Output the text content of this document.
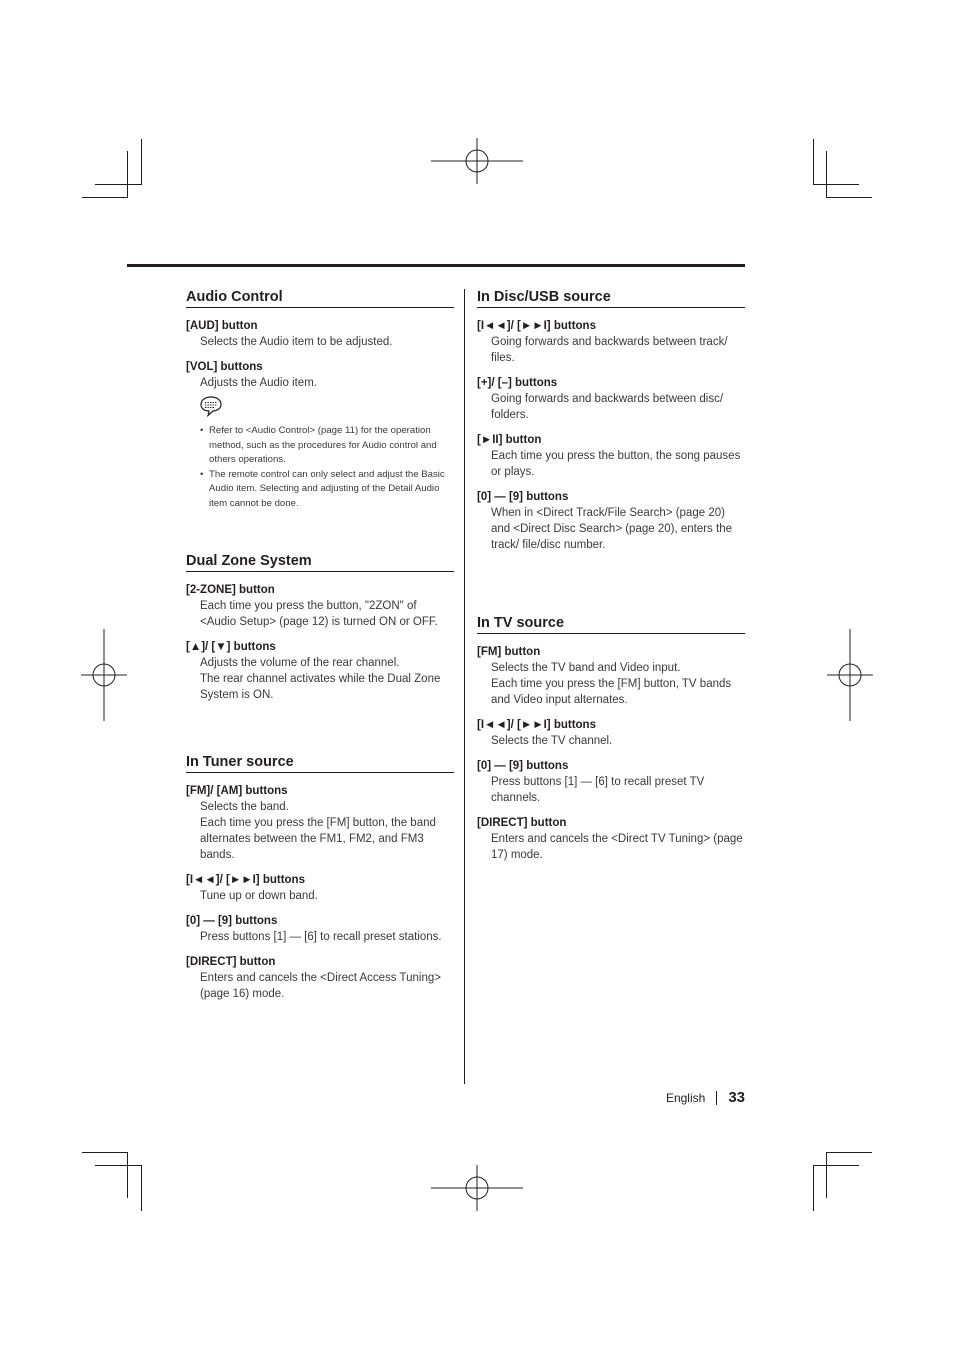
Audio Control
[AUD] button

Selects the Audio item to be adjusted.

[VOL] buttons

Adjusts the Audio item.

• Refer to <Audio Control> (page 11) for the operation method, such as the procedures for Audio control and others operations.
• The remote control can only select and adjust the Basic Audio item. Selecting and adjusting of the Detail Audio item cannot be done.
Dual Zone System
[2-ZONE] button

Each time you press the button, "2ZON" of <Audio Setup> (page 12) is turned ON or OFF.

[▲]/ [▼] buttons

Adjusts the volume of the rear channel.

The rear channel activates while the Dual Zone System is ON.

In Tuner source
[FM]/ [AM] buttons

Selects the band.

Each time you press the [FM] button, the band alternates between the FM1, FM2, and FM3 bands.

[I◄◄]/ [►►I] buttons

Tune up or down band.

[0] — [9] buttons

Press buttons [1] — [6] to recall preset stations.

[DIRECT] button

Enters and cancels the <Direct Access Tuning> (page 16) mode.

In Disc/USB source
[I◄◄]/ [►►I] buttons

Going forwards and backwards between track/ files.

[+]/ [–] buttons

Going forwards and backwards between disc/ folders.

[►II] button

Each time you press the button, the song pauses or plays.

[0] — [9] buttons

When in <Direct Track/File Search> (page 20) and <Direct Disc Search> (page 20), enters the track/ file/disc number.

In TV source
[FM] button

Selects the TV band and Video input.

Each time you press the [FM] button, TV bands and Video input alternates.

[I◄◄]/ [►►I] buttons

Selects the TV channel.

[0] — [9] buttons

Press buttons [1] — [6] to recall preset TV channels.

[DIRECT] button

Enters and cancels the <Direct TV Tuning> (page 17) mode.

English 33
